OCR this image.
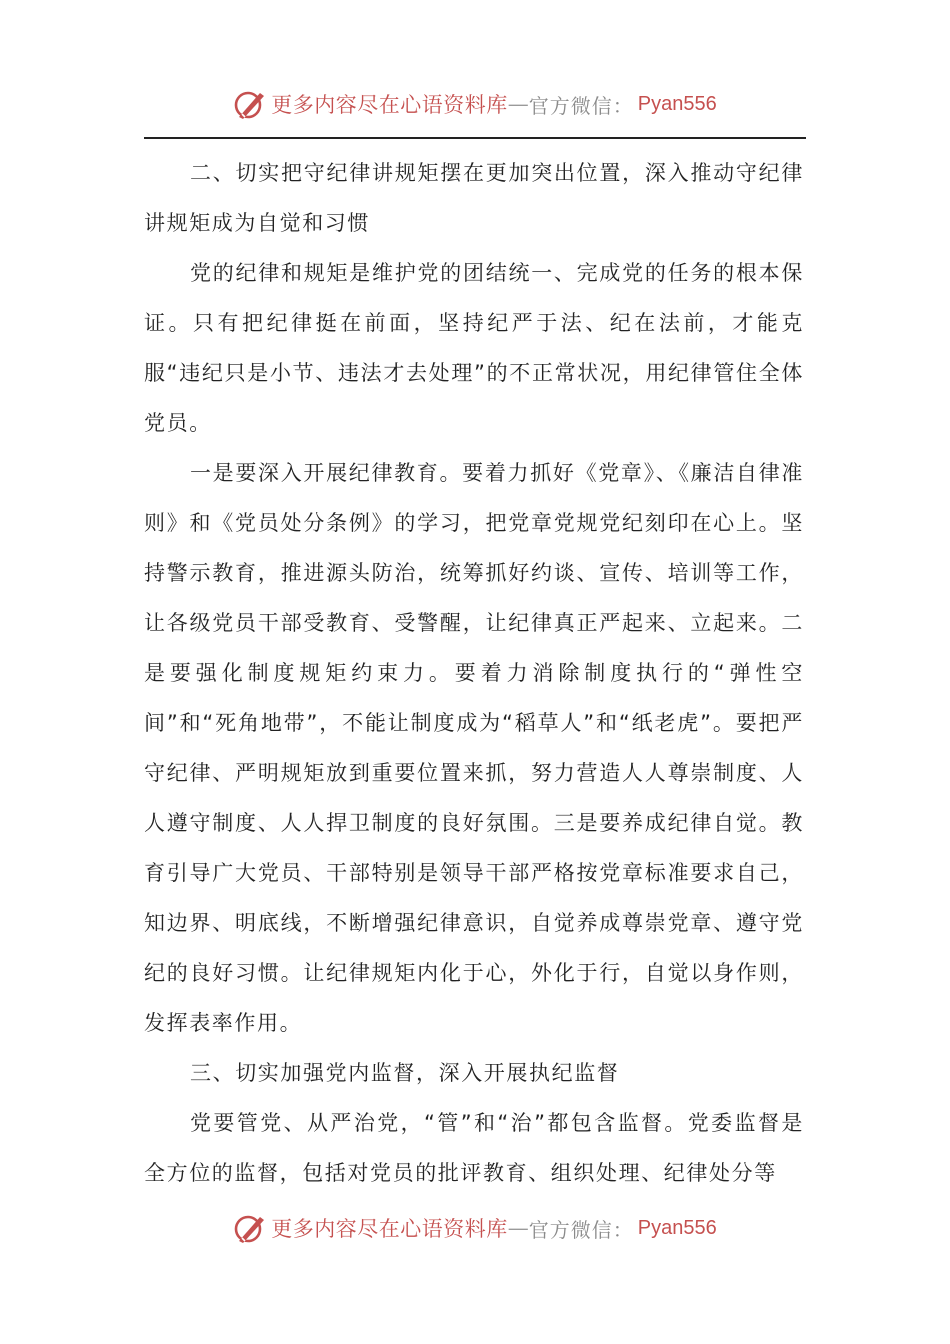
更多内容尽在心语资料库 — 官方微信： Pyan556

二、切实把守纪律讲规矩摆在更加突出位置，深入推动守纪律讲规矩成为自觉和习惯

党的纪律和规矩是维护党的团结统一、完成党的任务的根本保证。只有把纪律挺在前面，坚持纪严于法、纪在法前，才能克服“违纪只是小节、违法才去处理”的不正常状况，用纪律管住全体党员。

一是要深入开展纪律教育。要着力抓好《党章》、《廉洁自律准则》和《党员处分条例》的学习，把党章党规党纪刻印在心上。坚持警示教育，推进源头防治，统筹抓好约谈、宣传、培训等工作，让各级党员干部受教育、受警醒，让纪律真正严起来、立起来。二是要强化制度规矩约束力。要着力消除制度执行的“弹性空间”和“死角地带”，不能让制度成为“稻草人”和“纸老虎”。要把严守纪律、严明规矩放到重要位置来抓，努力营造人人尊崇制度、人人遵守制度、人人捍卫制度的良好氛围。三是要养成纪律自觉。教育引导广大党员、干部特别是领导干部严格按党章标准要求自己，知边界、明底线，不断增强纪律意识，自觉养成尊崇党章、遵守党纪的良好习惯。让纪律规矩内化于心，外化于行，自觉以身作则，发挥表率作用。

三、切实加强党内监督，深入开展执纪监督

党要管党、从严治党，“管”和“治”都包含监督。党委监督是全方位的监督，包括对党员的批评教育、组织处理、纪律处分等

更多内容尽在心语资料库 — 官方微信： Pyan556
